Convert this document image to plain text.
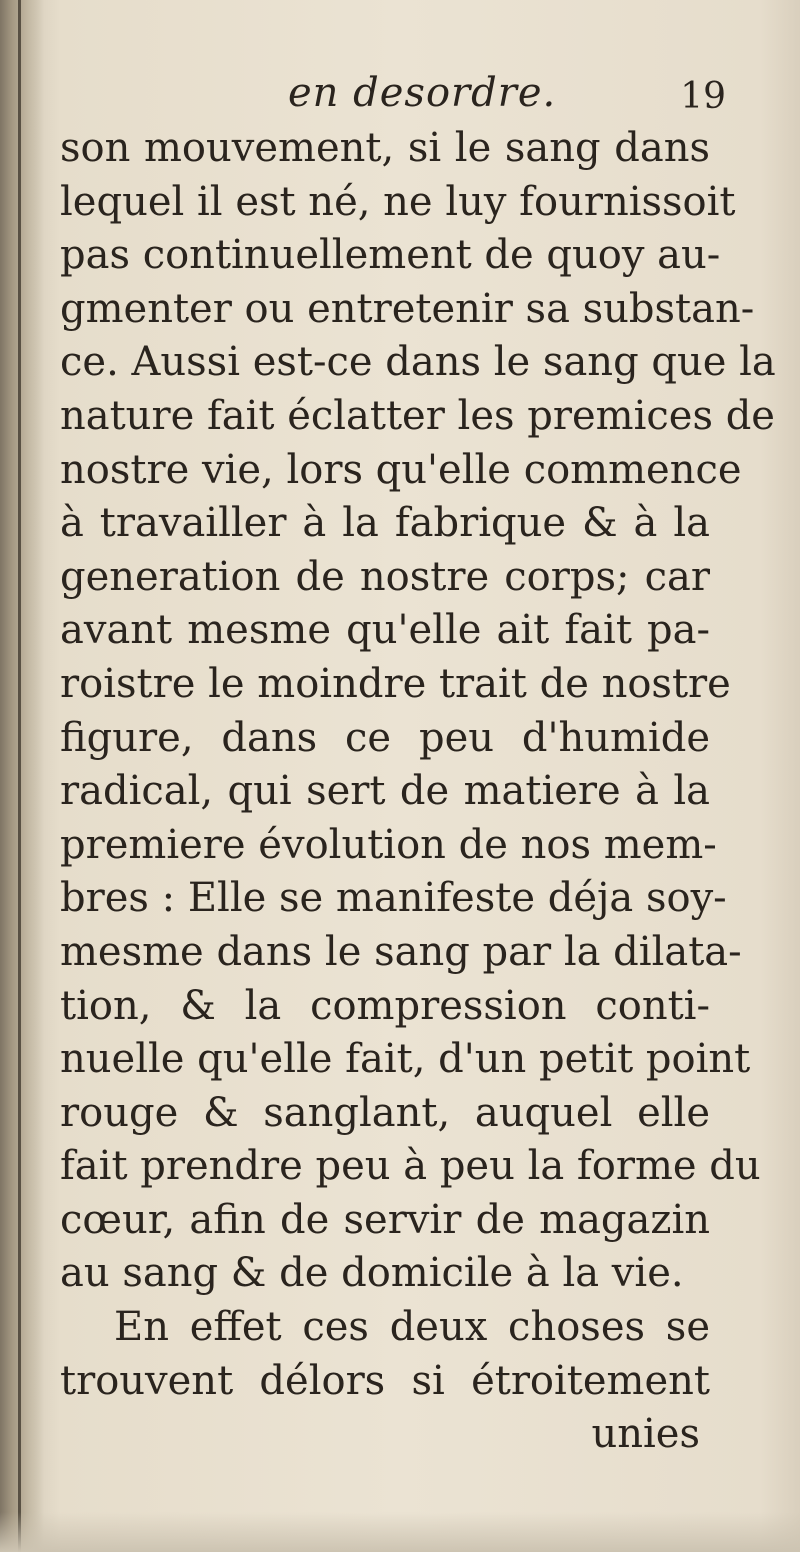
en desordre.	19
son mouvement, si le sang dans
lequel il est né, ne luy fournissoit
pas continuellement de quoy au-
gmenter ou entretenir sa substan-
ce. Aussi est-ce dans le sang que la
nature fait éclatter les premices de
nostre vie, lors qu'elle commence
à travailler à la fabrique & à la
generation de nostre corps; car
avant mesme qu'elle ait fait pa-
roistre le moindre trait de nostre
figure, dans ce peu d'humide
radical, qui sert de matiere à la
premiere évolution de nos mem-
bres : Elle se manifeste déja soy-
mesme dans le sang par la dilata-
tion, & la compression conti-
nuelle qu'elle fait, d'un petit point
rouge & sanglant, auquel elle
fait prendre peu à peu la forme du
cœur, afin de servir de magazin
au sang & de domicile à la vie.
En effet ces deux choses se
trouvent délors si étroitement
unies
